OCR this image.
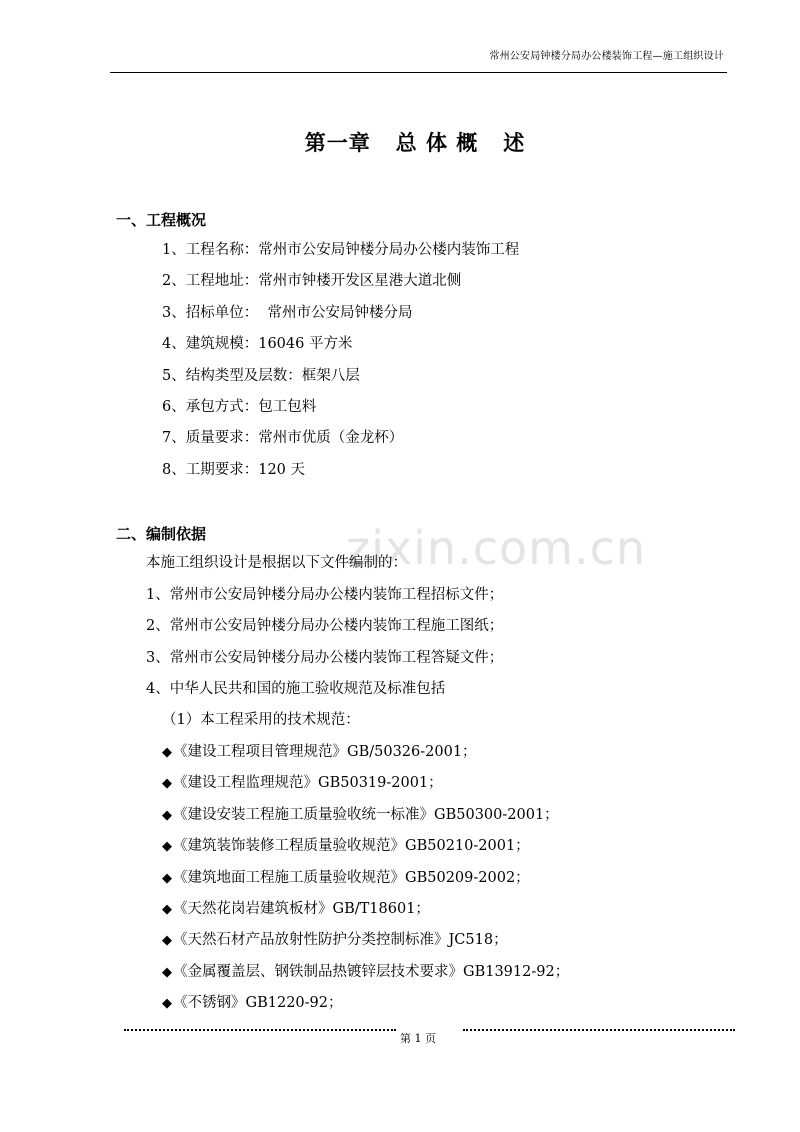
常州公安局钟楼分局办公楼装饰工程—施工组织设计
第一章   总 体 概   述
一、工程概况
1、工程名称：常州市公安局钟楼分局办公楼内装饰工程
2、工程地址：常州市钟楼开发区星港大道北侧
3、招标单位：  常州市公安局钟楼分局
4、建筑规模：16046 平方米
5、结构类型及层数：框架八层
6、承包方式：包工包料
7、质量要求：常州市优质（金龙杯）
8、工期要求：120 天
二、编制依据	zixin.com.cn
本施工组织设计是根据以下文件编制的：
1、常州市公安局钟楼分局办公楼内装饰工程招标文件；
2、常州市公安局钟楼分局办公楼内装饰工程施工图纸；
3、常州市公安局钟楼分局办公楼内装饰工程答疑文件；
4、中华人民共和国的施工验收规范及标准包括
（1）本工程采用的技术规范：
◆《建设工程项目管理规范》GB/50326-2001；
◆《建设工程监理规范》GB50319-2001；
◆《建设安装工程施工质量验收统一标准》GB50300-2001；
◆《建筑装饰装修工程质量验收规范》GB50210-2001；
◆《建筑地面工程施工质量验收规范》GB50209-2002；
◆《天然花岗岩建筑板材》GB/T18601；
◆《天然石材产品放射性防护分类控制标准》JC518；
◆《金属覆盖层、钢铁制品热镀锌层技术要求》GB13912-92；
◆《不锈钢》GB1220-92；
第 1 页
